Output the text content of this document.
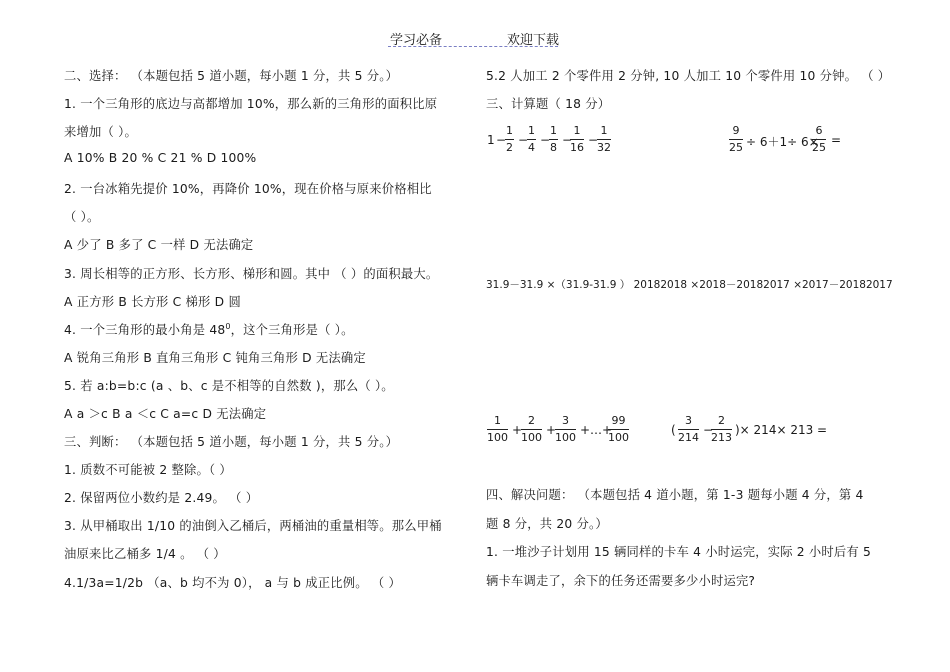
学习必备	欢迎下载
二、选择： （本题包括 5 道小题，每小题 1 分，共 5 分。）
1. 一个三角形的底边与高都增加 10%，那么新的三角形的面积比原
来增加（ ）。
A 10% B 20 % C 21 % D 100%
2. 一台冰箱先提价 10%，再降价 10%，现在价格与原来价格相比
（ ）。
A 少了 B 多了 C 一样 D 无法确定
3. 周长相等的正方形、长方形、梯形和圆。其中 （ ）的面积最大。
A 正方形 B 长方形 C 梯形 D 圆
4. 一个三角形的最小角是 $48^0$，这个三角形是（ ）。
A 锐角三角形 B 直角三角形 C 钝角三角形 D 无法确定
5. 若 a:b=b:c (a 、b、c 是不相等的自然数 )，那么（ ）。
A a ＞c B a ＜c C a=c D 无法确定
三、判断： （本题包括 5 道小题，每小题 1 分，共 5 分。）
1. 质数不可能被 2 整除。（ ）
2. 保留两位小数约是 2.49。 （ ）
3. 从甲桶取出 1/10 的油倒入乙桶后，两桶油的重量相等。那么甲桶
油原来比乙桶多 1/4 。 （ ）
4.1/3a=1/2b （a、b 均不为 0）， a 与 b 成正比例。 （ ）
5.2 人加工 2 个零件用 2 分钟, 10 人加工 10 个零件用 10 分钟。 （ ）
三、计算题（ 18 分）
1 −
1
2
−
1
4
−
1
8
−
1
16
−
1
32
9
25 ÷ 6＋1÷ 6×
6
25
=
31.9－31.9 ×（31.9-31.9 ） 20182018 ×2018－20182017 ×2017－20182017
1
100
+
2
100
+
3
100
+…+
99
100
(
3
214
−
2
213
)× 214× 213 =
四、解决问题： （本题包括 4 道小题，第 1-3 题每小题 4 分，第 4
题 8 分，共 20 分。）
1. 一堆沙子计划用 15 辆同样的卡车 4 小时运完，实际 2 小时后有 5
辆卡车调走了，余下的任务还需要多少小时运完?
